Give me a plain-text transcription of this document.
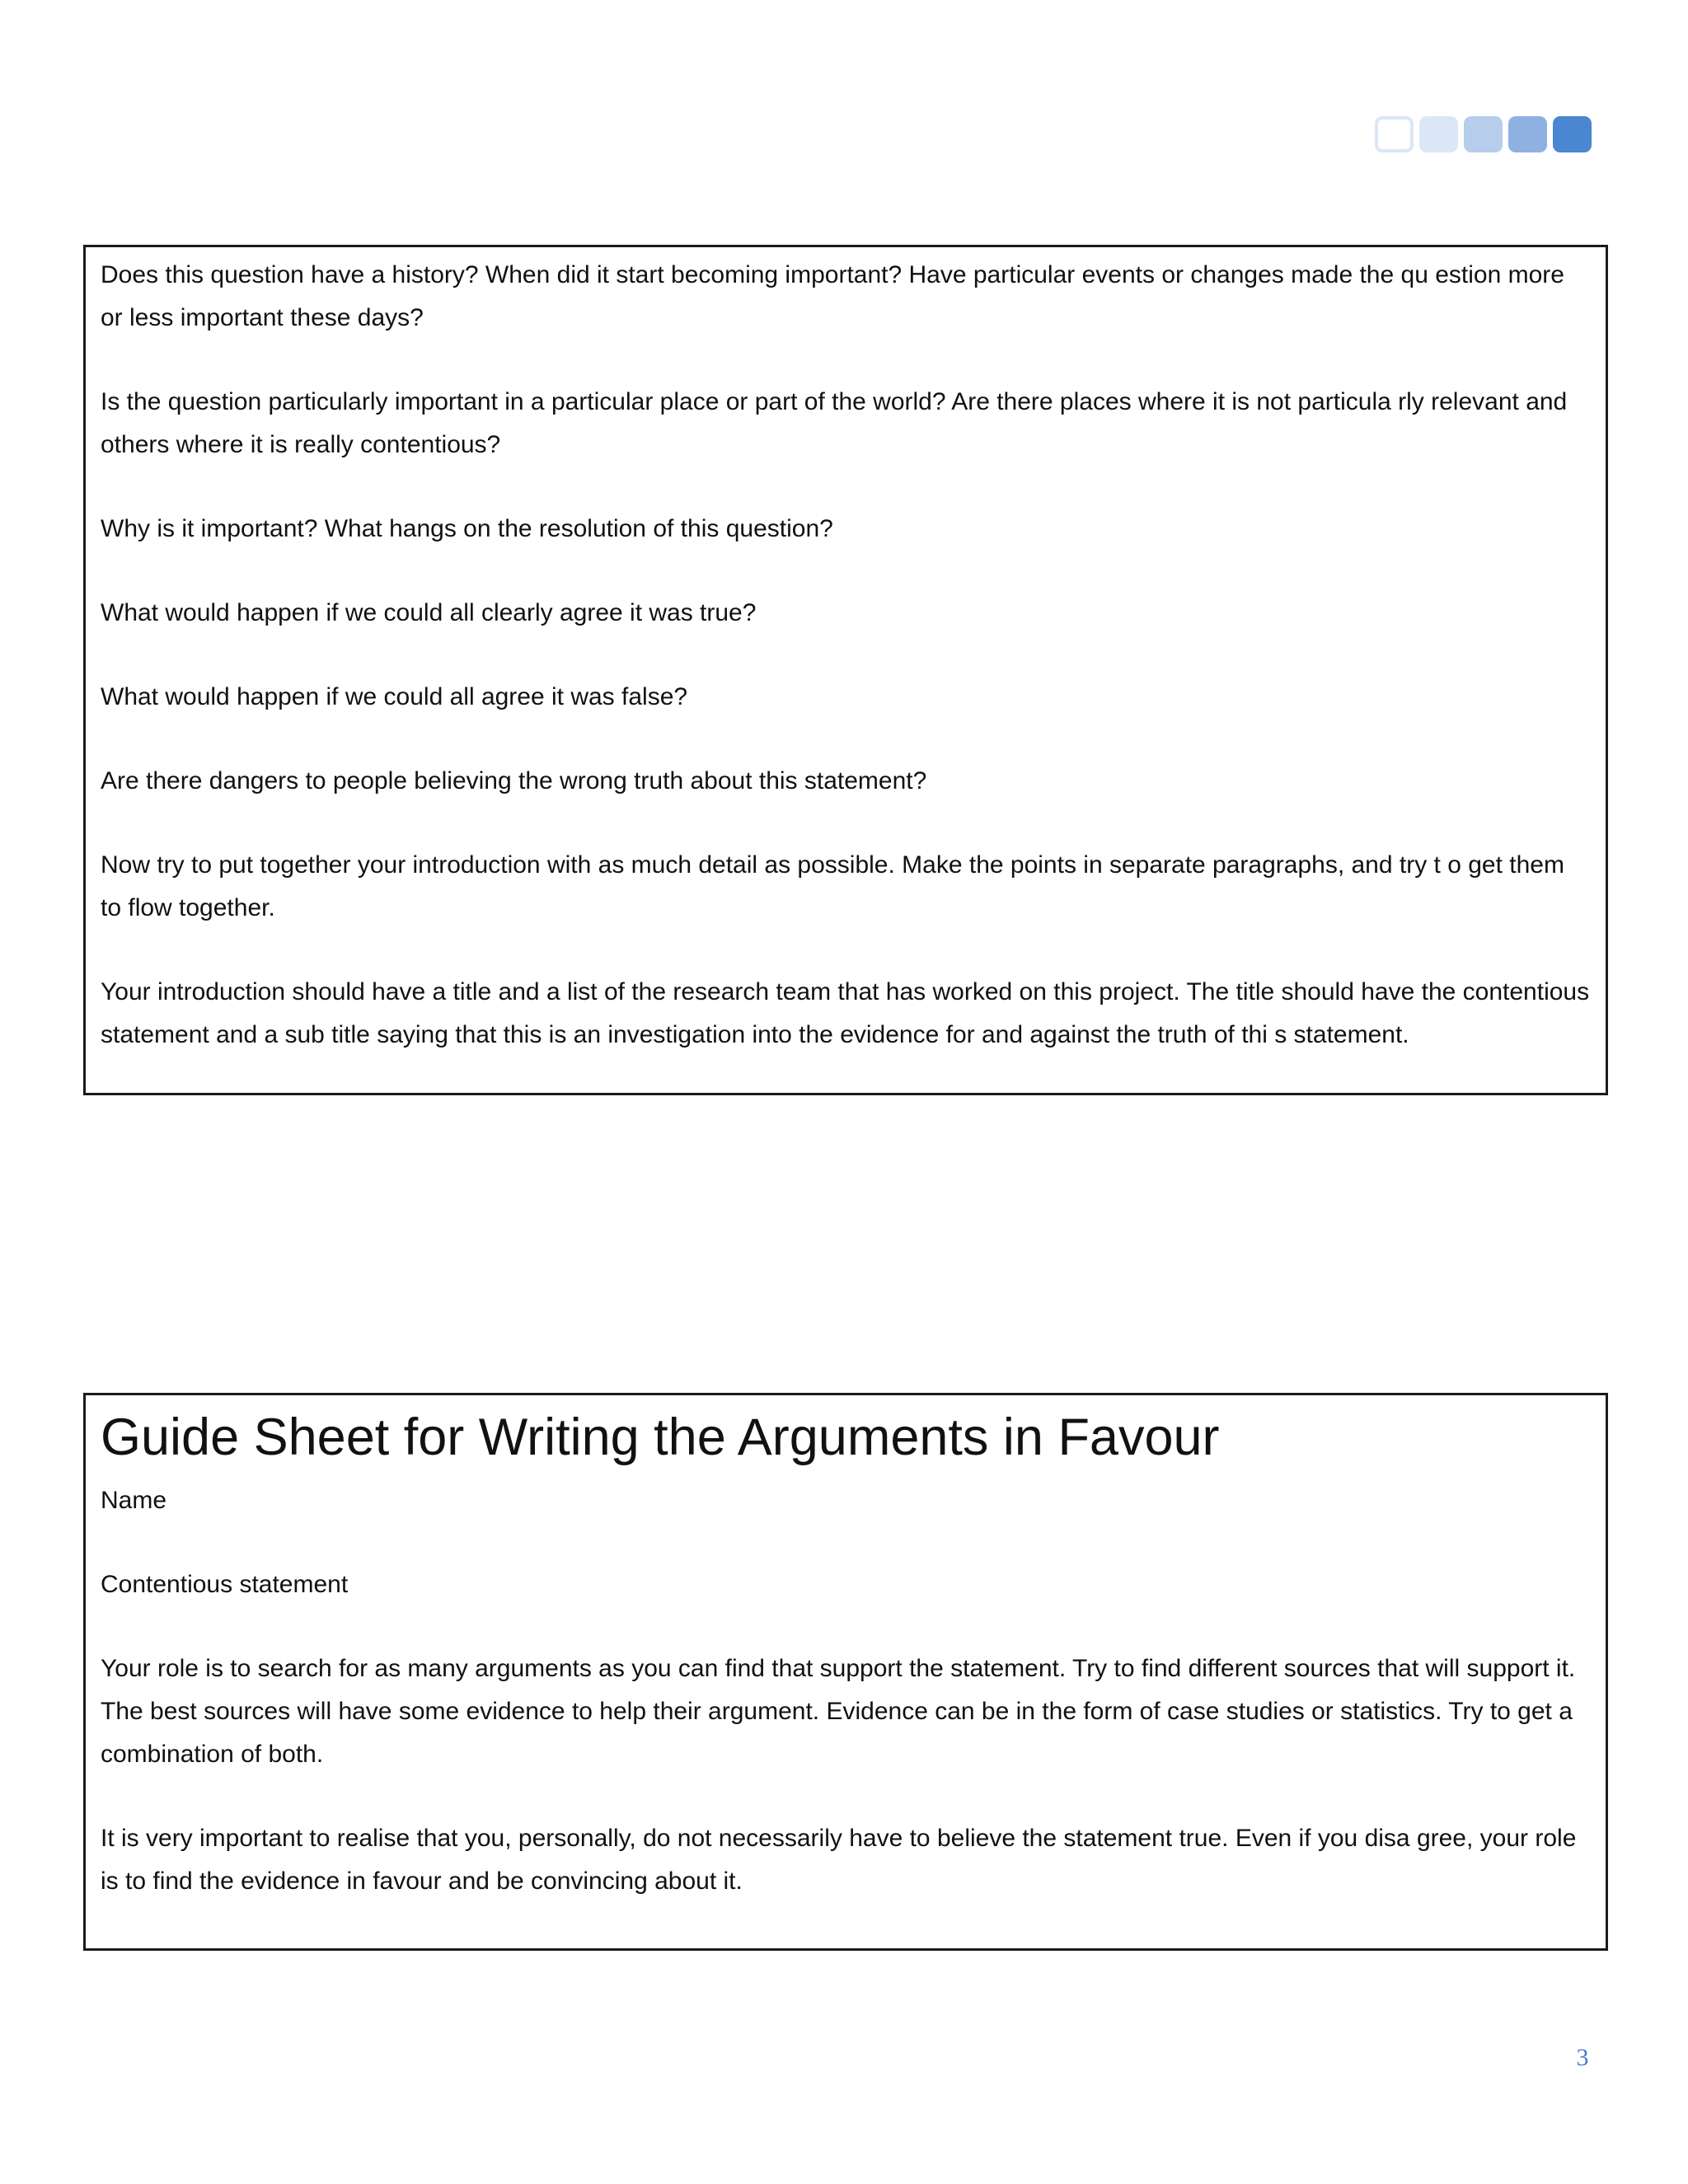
Does this question have a history? When did it start becoming important? Have particular events or changes made the qu estion more or less important these days?

Is the question particularly important in a particular place or part of the world? Are there places where it is not particula rly relevant and others where it is really contentious?

Why is it important? What hangs on the resolution of this question?

What would happen if we could all clearly agree it was true?

What would happen if we could all agree it was false?

Are there dangers to people believing the wrong truth about this statement?

Now try to put together your introduction with as much detail as possible. Make the points in separate paragraphs, and try t o get them to flow together.

Your introduction should have a title and a list of the research team that has worked on this project. The title should have the contentious statement and a sub title saying that this is an investigation into the evidence for and against the truth of thi s statement.

Guide Sheet for Writing the Arguments in Favour

Name

Contentious statement

Your role is to search for as many arguments as you can find that support the statement. Try to find different sources that will support it. The best sources will have some evidence to help their argument. Evidence can be in the form of case studies or statistics. Try to get a combination of both.

It is very important to realise that you, personally, do not necessarily have to believe the statement true. Even if you disa gree, your role is to find the evidence in favour and be convincing about it.

3
